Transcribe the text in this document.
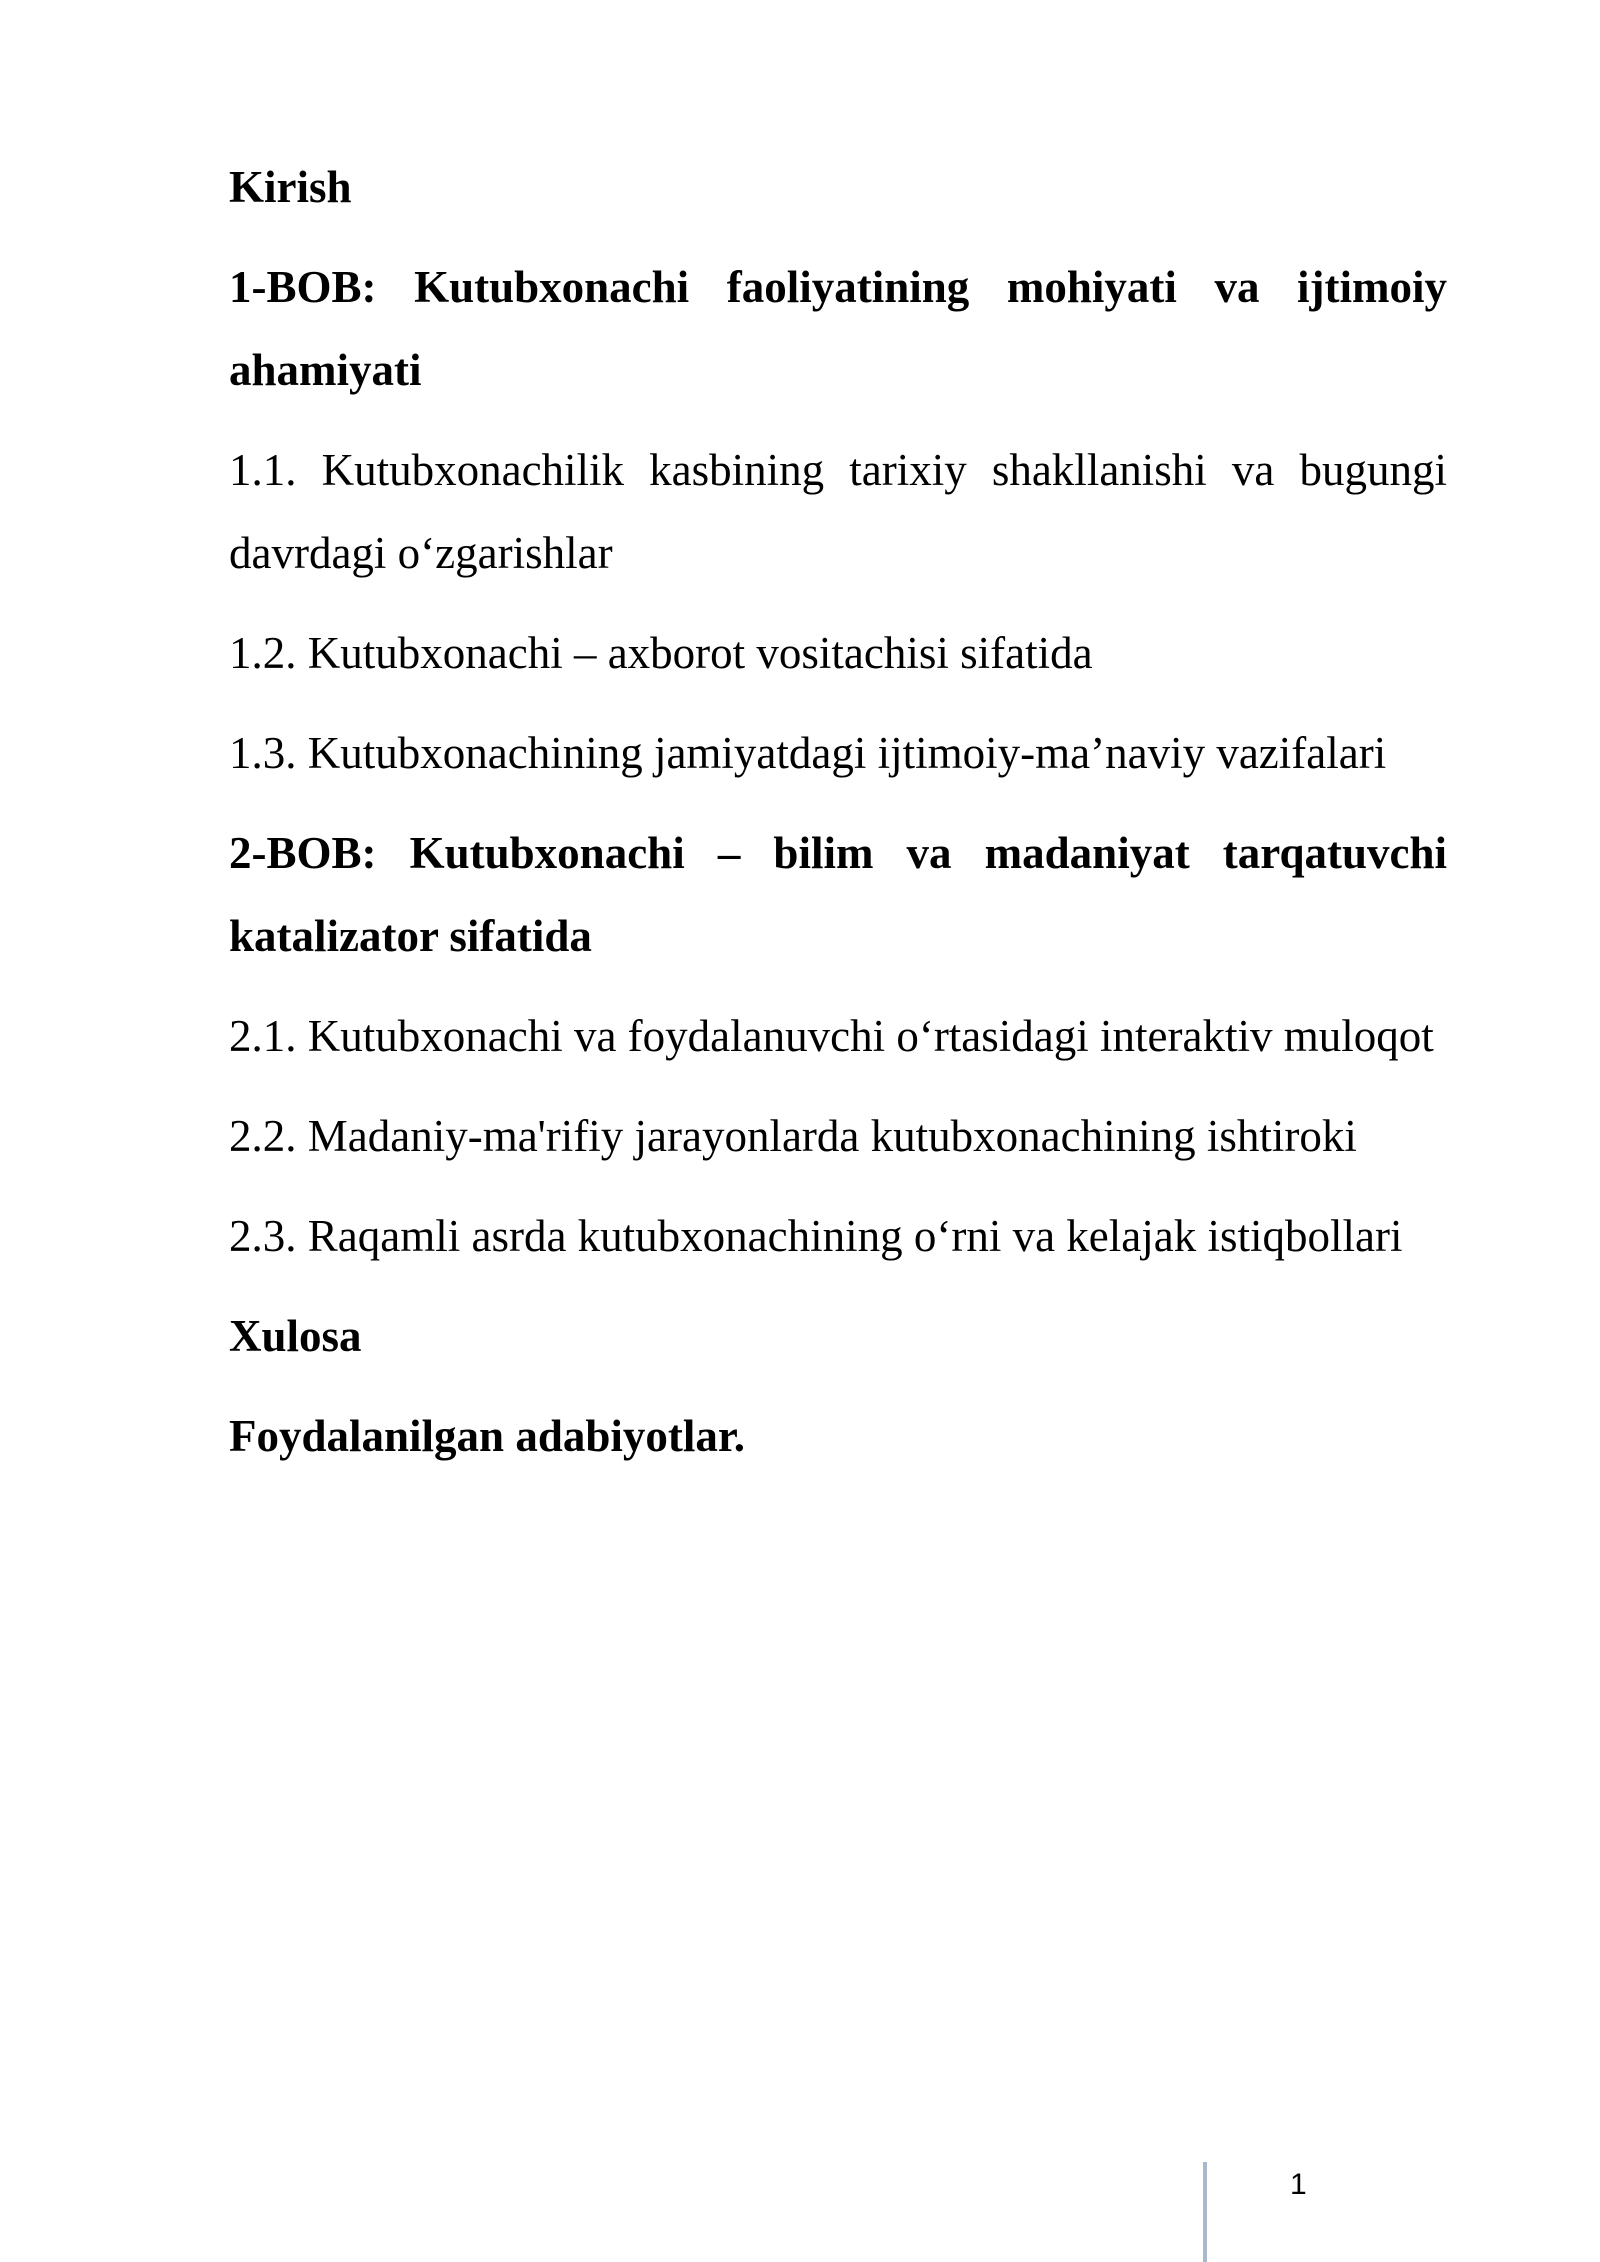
Kirish
1-BOB: Kutubxonachi faoliyatining mohiyati va ijtimoiy ahamiyati
1.1. Kutubxonachilik kasbining tarixiy shakllanishi va bugungi davrdagi o‘zgarishlar
1.2. Kutubxonachi – axborot vositachisi sifatida
1.3. Kutubxonachining jamiyatdagi ijtimoiy-ma’naviy vazifalari
2-BOB: Kutubxonachi – bilim va madaniyat tarqatuvchi katalizator sifatida
2.1. Kutubxonachi va foydalanuvchi o‘rtasidagi interaktiv muloqot
2.2. Madaniy-ma'rifiy jarayonlarda kutubxonachining ishtiroki
2.3. Raqamli asrda kutubxonachining o‘rni va kelajak istiqbollari
Xulosa
Foydalanilgan adabiyotlar.
1
